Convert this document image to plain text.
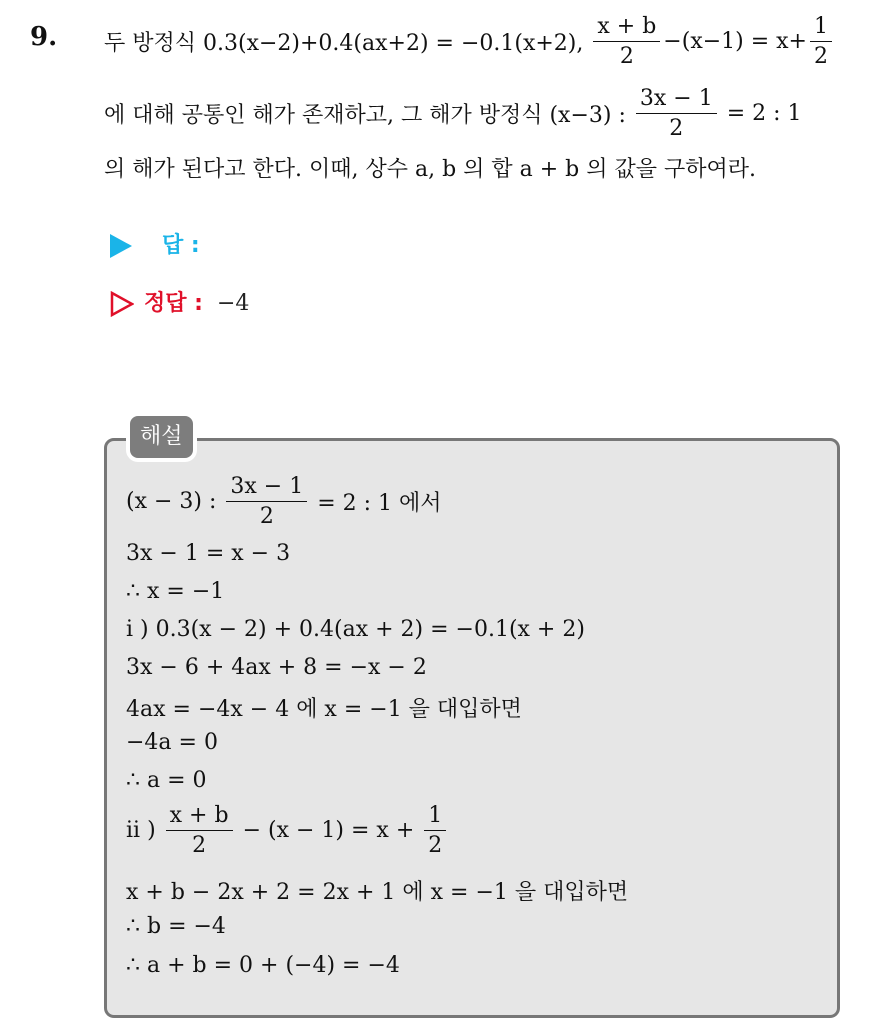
9. 두 방정식 0.3(x−2)+0.4(ax+2) = −0.1(x+2), $\frac{x + b}{2} -(x-1) = x+ \frac{1}{2}$
에 대해 공통인 해가 존재하고, 그 해가 방정식 (x−3) : $\frac{3x - 1}{2} = 2$ : 1
의 해가 된다고 한다. 이때, 상수 a, b 의 합 a + b 의 값을 구하여라.
답 :
정답 : −4
해설
(x − 3) : $\frac{3x - 1}{2} = 2$ : 1 에서
3x − 1 = x − 3
∴ x = −1
i ) 0.3(x − 2) + 0.4(ax + 2) = −0.1(x + 2)
3x − 6 + 4ax + 8 = −x − 2
4ax = −4x − 4 에 x = −1 을 대입하면
−4a = 0
∴ a = 0
ii ) $\frac{x + b}{2} - (x - 1) = x + \frac{1}{2}$
x + b − 2x + 2 = 2x + 1 에 x = −1 을 대입하면
∴ b = −4
∴ a + b = 0 + (−4) = −4
